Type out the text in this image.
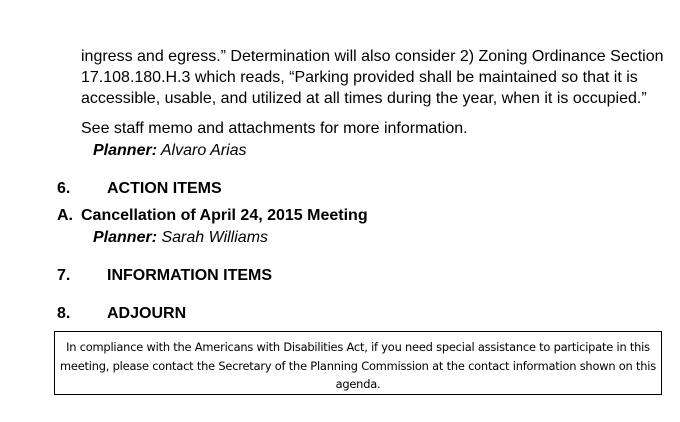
ingress and egress.” Determination will also consider 2) Zoning Ordinance Section
17.108.180.H.3 which reads, “Parking provided shall be maintained so that it is
accessible, usable, and utilized at all times during the year, when it is occupied.”
See staff memo and attachments for more information.
Planner: Alvaro Arias
6. ACTION ITEMS
A. Cancellation of April 24, 2015 Meeting
Planner: Sarah Williams
7. INFORMATION ITEMS
8. ADJOURN
In compliance with the Americans with Disabilities Act, if you need special assistance to participate in this
meeting, please contact the Secretary of the Planning Commission at the contact information shown on this
agenda.
